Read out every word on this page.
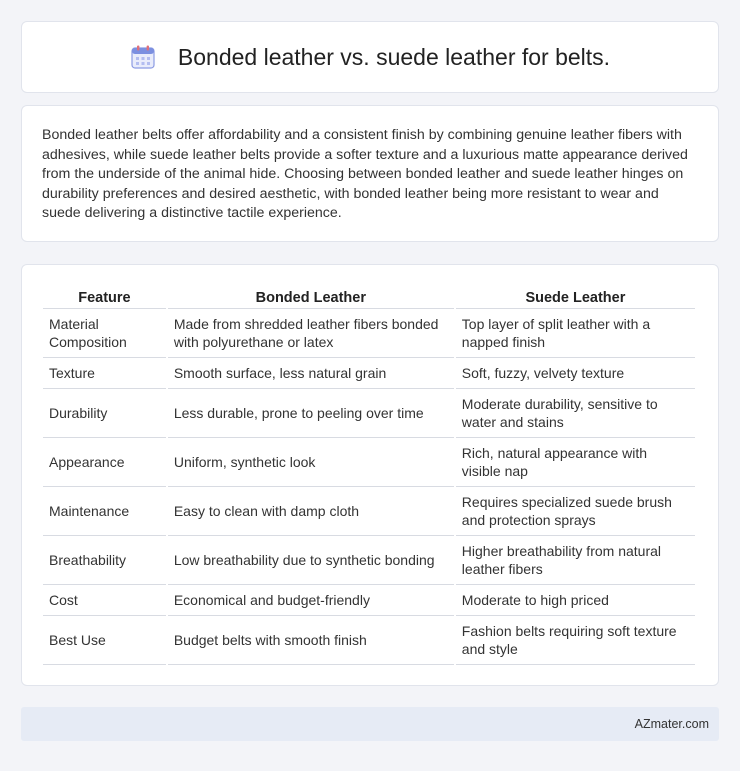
Bonded leather vs. suede leather for belts.

Bonded leather belts offer affordability and a consistent finish by combining genuine leather fibers with adhesives, while suede leather belts provide a softer texture and a luxurious matte appearance derived from the underside of the animal hide. Choosing between bonded leather and suede leather hinges on durability preferences and desired aesthetic, with bonded leather being more resistant to wear and suede delivering a distinctive tactile experience.

Feature	Bonded Leather	Suede Leather
Material Composition	Made from shredded leather fibers bonded with polyurethane or latex	Top layer of split leather with a napped finish
Texture	Smooth surface, less natural grain	Soft, fuzzy, velvety texture
Durability	Less durable, prone to peeling over time	Moderate durability, sensitive to water and stains
Appearance	Uniform, synthetic look	Rich, natural appearance with visible nap
Maintenance	Easy to clean with damp cloth	Requires specialized suede brush and protection sprays
Breathability	Low breathability due to synthetic bonding	Higher breathability from natural leather fibers
Cost	Economical and budget-friendly	Moderate to high priced
Best Use	Budget belts with smooth finish	Fashion belts requiring soft texture and style
AZmater.com
